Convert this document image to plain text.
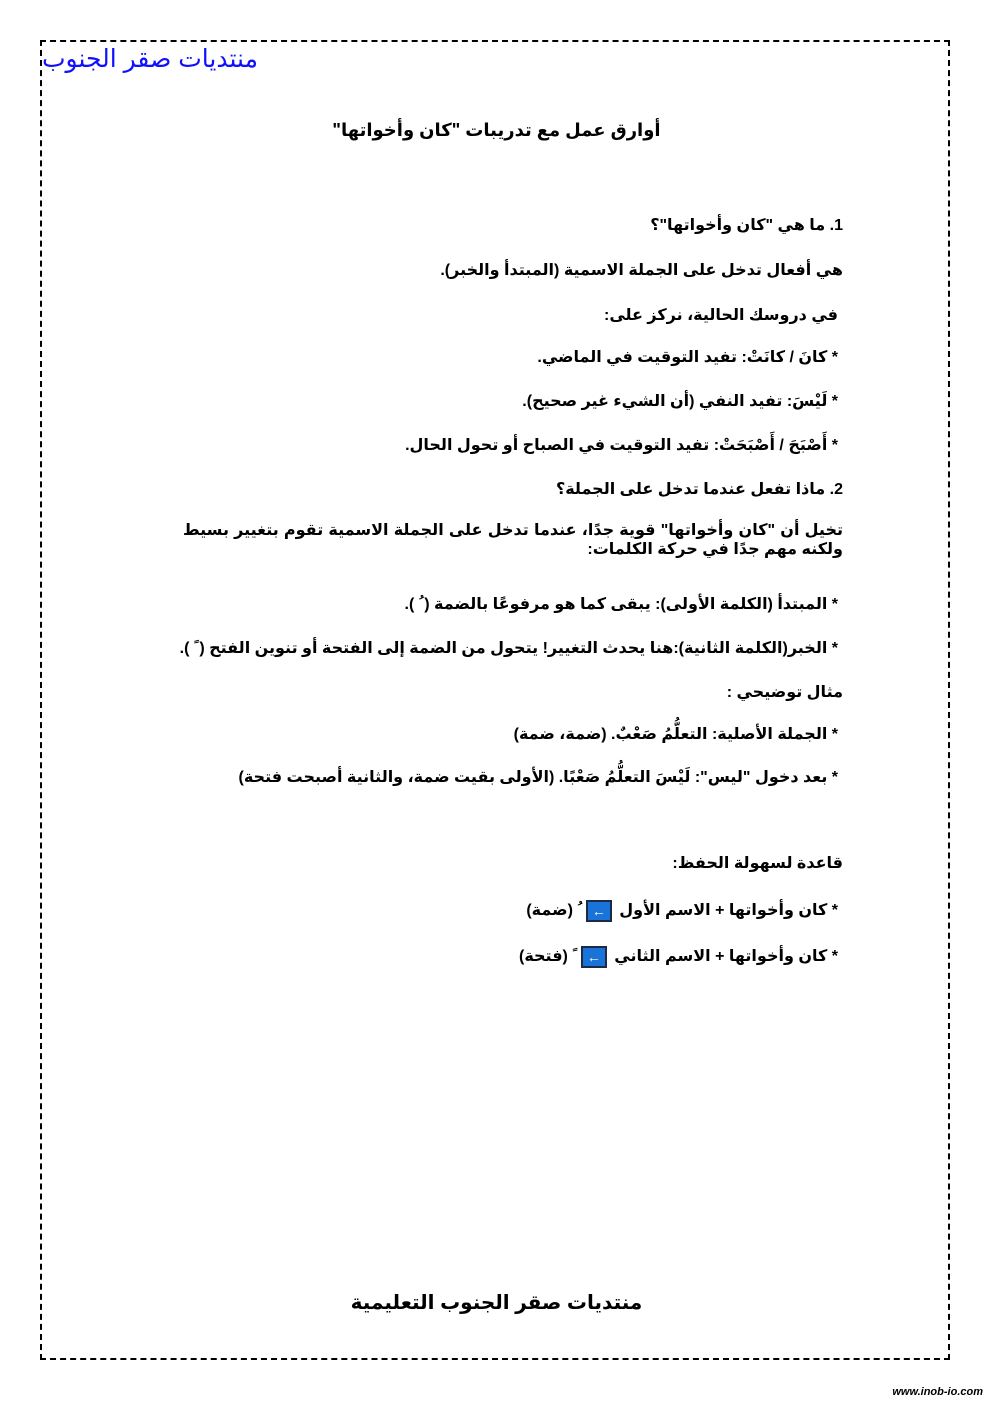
منتديات صقر الجنوب
أوارق عمل مع تدريبات "كان وأخواتها"
1. ما هي "كان وأخواتها"؟
هي أفعال تدخل على الجملة الاسمية (المبتدأ والخبر).
في دروسك الحالية، نركز على:
* كانَ / كانَتْ: تفيد التوقيت في الماضي.
* لَيْسَ: تفيد النفي (أن الشيء غير صحيح).
* أَصْبَحَ / أَصْبَحَتْ: تفيد التوقيت في الصباح أو تحول الحال.
2. ماذا تفعل عندما تدخل على الجملة؟
تخيل أن "كان وأخواتها" قوية جدًا، عندما تدخل على الجملة الاسمية تقوم بتغيير بسيط ولكنه مهم جدًا في حركة الكلمات:
* المبتدأ (الكلمة الأولى): يبقى كما هو مرفوعًا بالضمة ( ُ ).
* الخبر(الكلمة الثانية):هنا يحدث التغيير! يتحول من الضمة إلى الفتحة أو تنوين الفتح ( ً ).
مثال توضيحي :
* الجملة الأصلية: التعلُّمُ صَعْبٌ. (ضمة، ضمة)
* بعد دخول "ليس": لَيْسَ التعلُّمُ صَعْبًا. (الأولى بقيت ضمة، والثانية أصبحت فتحة)
قاعدة لسهولة الحفظ:
* كان وأخواتها + الاسم الأول ← (ضمة)
* كان وأخواتها + الاسم الثاني ← (فتحة)
منتديات صقر الجنوب التعليمية
www.inob-io.com
